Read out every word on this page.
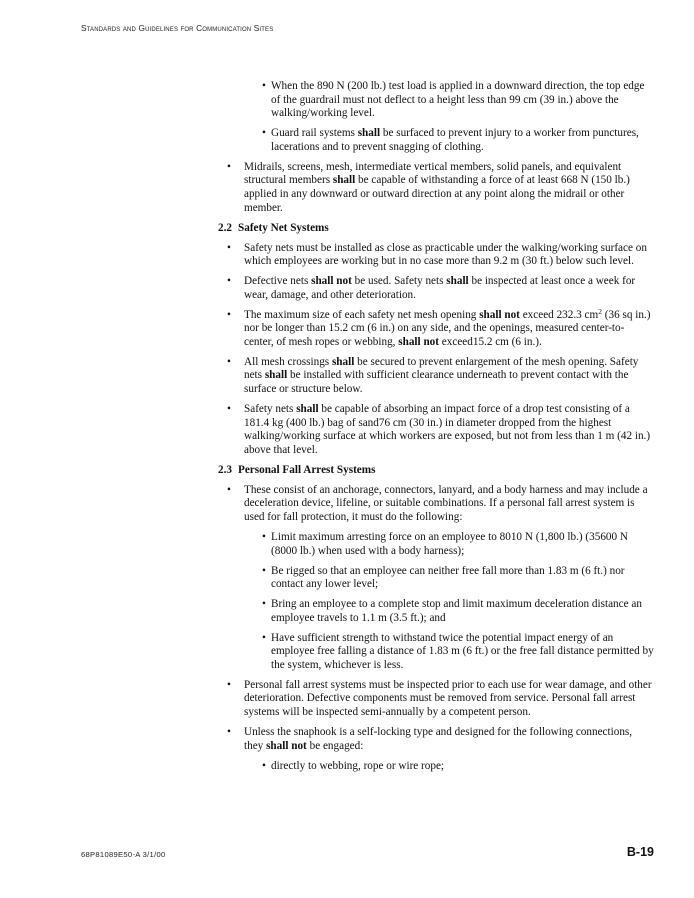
Standards and Guidelines for Communication Sites
• When the 890 N (200 lb.) test load is applied in a downward direction, the top edge of the guardrail must not deflect to a height less than 99 cm (39 in.) above the walking/working level.
• Guard rail systems shall be surfaced to prevent injury to a worker from punctures, lacerations and to prevent snagging of clothing.
• Midrails, screens, mesh, intermediate vertical members, solid panels, and equivalent structural members shall be capable of withstanding a force of at least 668 N (150 lb.) applied in any downward or outward direction at any point along the midrail or other member.
2.2 Safety Net Systems
• Safety nets must be installed as close as practicable under the walking/working surface on which employees are working but in no case more than 9.2 m (30 ft.) below such level.
• Defective nets shall not be used. Safety nets shall be inspected at least once a week for wear, damage, and other deterioration.
• The maximum size of each safety net mesh opening shall not exceed 232.3 $cm^2$ (36 sq in.) nor be longer than 15.2 cm (6 in.) on any side, and the openings, measured center-to- center, of mesh ropes or webbing, shall not exceed15.2 cm (6 in.).
• All mesh crossings shall be secured to prevent enlargement of the mesh opening. Safety nets shall be installed with sufficient clearance underneath to prevent contact with the surface or structure below.
• Safety nets shall be capable of absorbing an impact force of a drop test consisting of a 181.4 kg (400 lb.) bag of sand76 cm (30 in.) in diameter dropped from the highest walking/working surface at which workers are exposed, but not from less than 1 m (42 in.) above that level.
2.3 Personal Fall Arrest Systems
• These consist of an anchorage, connectors, lanyard, and a body harness and may include a deceleration device, lifeline, or suitable combinations. If a personal fall arrest system is used for fall protection, it must do the following:
• Limit maximum arresting force on an employee to 8010 N (1,800 lb.) (35600 N (8000 lb.) when used with a body harness);
• Be rigged so that an employee can neither free fall more than 1.83 m (6 ft.) nor contact any lower level;
• Bring an employee to a complete stop and limit maximum deceleration distance an employee travels to 1.1 m (3.5 ft.); and
• Have sufficient strength to withstand twice the potential impact energy of an employee free falling a distance of 1.83 m (6 ft.) or the free fall distance permitted by the system, whichever is less.
• Personal fall arrest systems must be inspected prior to each use for wear damage, and other deterioration. Defective components must be removed from service. Personal fall arrest systems will be inspected semi-annually by a competent person.
• Unless the snaphook is a self-locking type and designed for the following connections, they shall not be engaged:
• directly to webbing, rope or wire rope;
68P81089E50-A 3/1/00	B-19
